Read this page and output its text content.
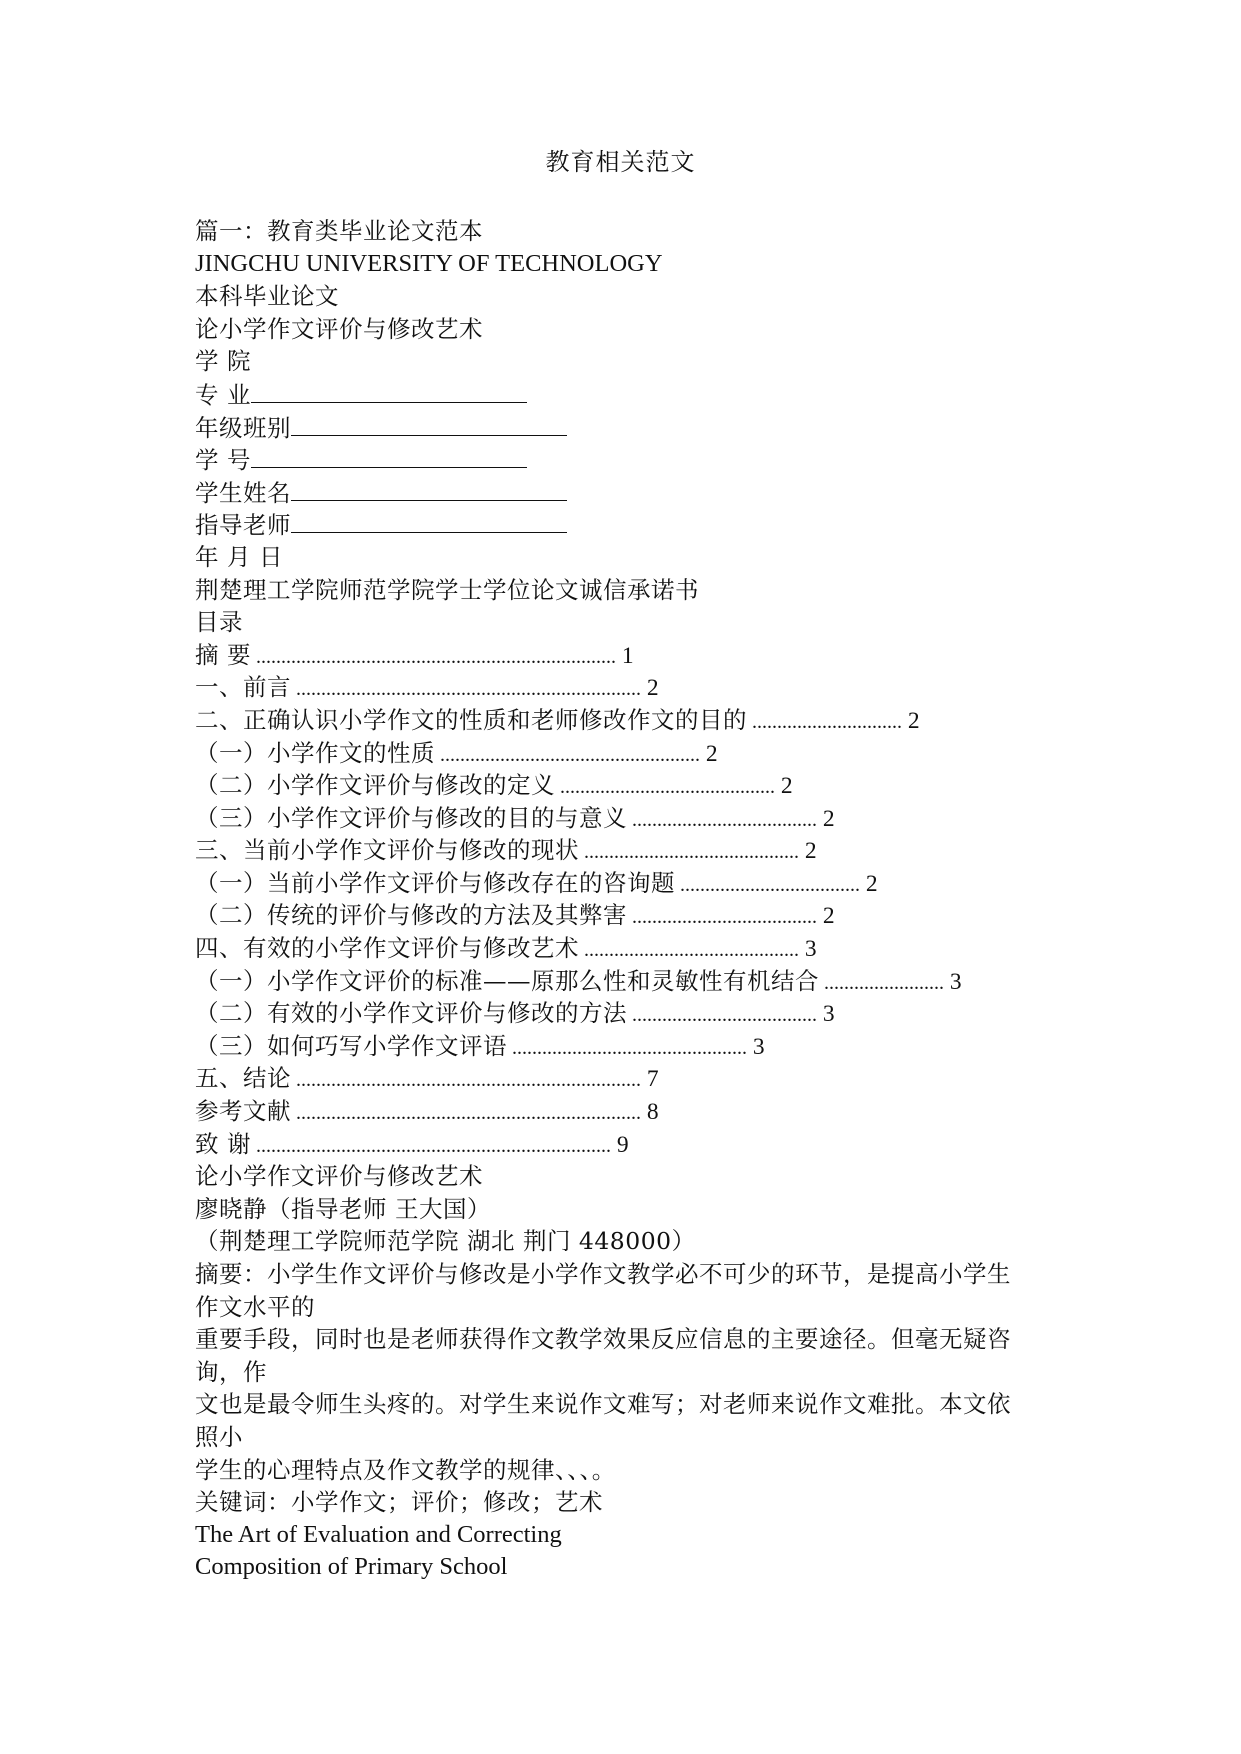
教育相关范文
篇一：教育类毕业论文范本
JINGCHU UNIVERSITY OF TECHNOLOGY
本科毕业论文
论小学作文评价与修改艺术
学 院
专 业
年级班别
学 号
学生姓名
指导老师
年 月 日
荆楚理工学院师范学院学士学位论文诚信承诺书
目录
摘 要 ........................................................................ 1
一、前言 ..................................................................... 2
二、正确认识小学作文的性质和老师修改作文的目的 .............................. 2
（一）小学作文的性质 .................................................... 2
（二）小学作文评价与修改的定义 ........................................... 2
（三）小学作文评价与修改的目的与意义 ..................................... 2
三、当前小学作文评价与修改的现状 ........................................... 2
（一）当前小学作文评价与修改存在的咨询题 .................................... 2
（二）传统的评价与修改的方法及其弊害 ..................................... 2
四、有效的小学作文评价与修改艺术 ........................................... 3
（一）小学作文评价的标准——原那么性和灵敏性有机结合 ........................ 3
（二）有效的小学作文评价与修改的方法 ..................................... 3
（三）如何巧写小学作文评语 ............................................... 3
五、结论 ..................................................................... 7
参考文献 ..................................................................... 8
致 谢 ....................................................................... 9
论小学作文评价与修改艺术
廖晓静（指导老师 王大国）
（荆楚理工学院师范学院 湖北 荆门 448000）
摘要：小学生作文评价与修改是小学作文教学必不可少的环节，是提高小学生
作文水平的
重要手段，同时也是老师获得作文教学效果反应信息的主要途径。但毫无疑咨
询，作
文也是最令师生头疼的。对学生来说作文难写；对老师来说作文难批。本文依
照小
学生的心理特点及作文教学的规律、、、。
关键词：小学作文；评价；修改；艺术
The Art of Evaluation and Correcting
Composition of Primary School
